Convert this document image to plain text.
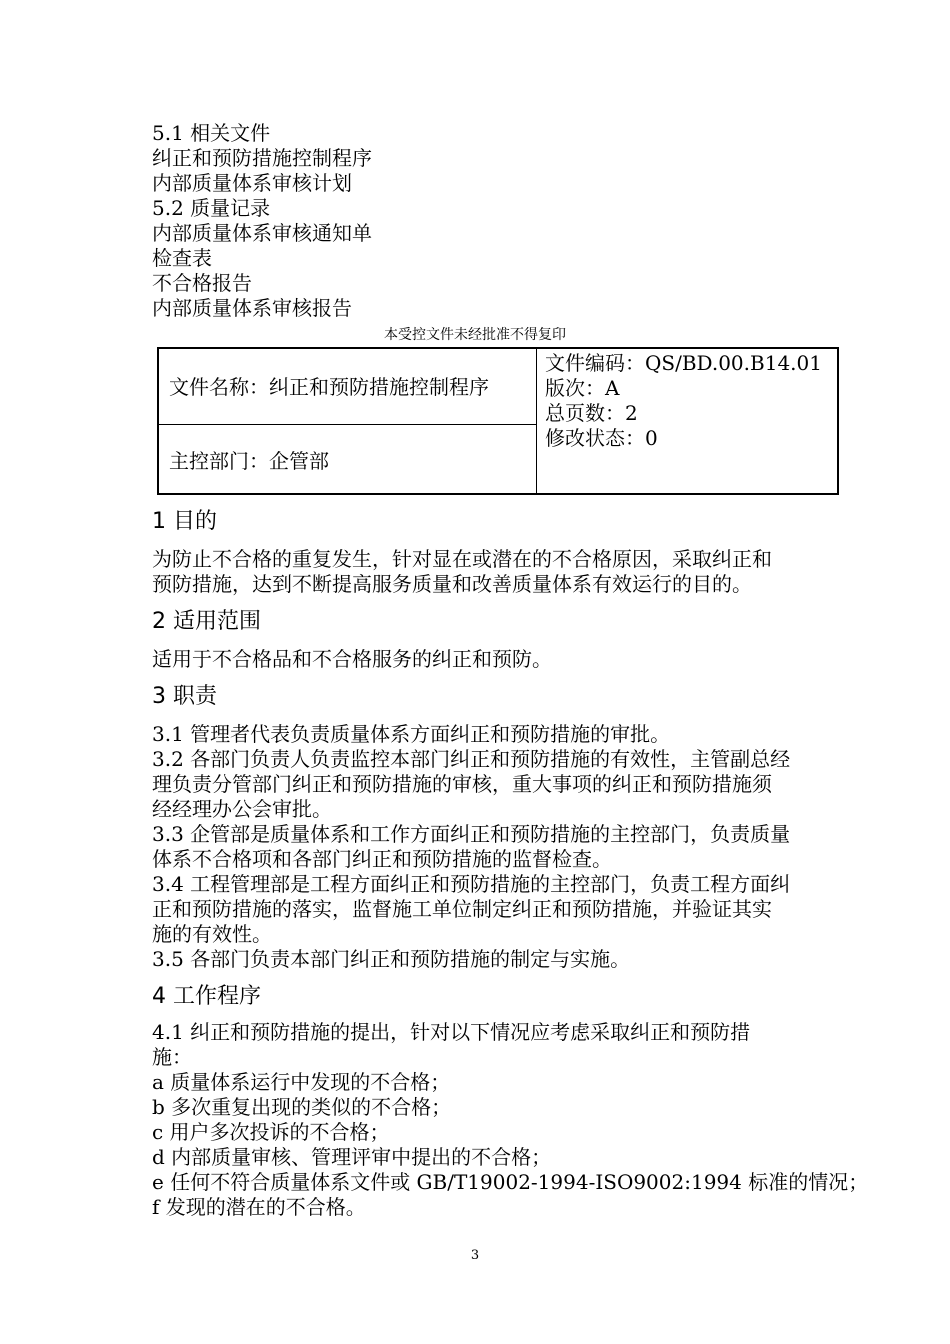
5.1 相关文件
纠正和预防措施控制程序
内部质量体系审核计划
5.2 质量记录
内部质量体系审核通知单
检查表
不合格报告
内部质量体系审核报告
本受控文件未经批准不得复印
文件名称：纠正和预防措施控制程序
主控部门：企管部
文件编码：QS/BD.00.B14.01
版次：A
总页数：2
修改状态：0
1 目的
为防止不合格的重复发生，针对显在或潜在的不合格原因，采取纠正和
预防措施，达到不断提高服务质量和改善质量体系有效运行的目的。
2 适用范围
适用于不合格品和不合格服务的纠正和预防。
3 职责
3.1 管理者代表负责质量体系方面纠正和预防措施的审批。
3.2 各部门负责人负责监控本部门纠正和预防措施的有效性，主管副总经
理负责分管部门纠正和预防措施的审核，重大事项的纠正和预防措施须
经经理办公会审批。
3.3 企管部是质量体系和工作方面纠正和预防措施的主控部门，负责质量
体系不合格项和各部门纠正和预防措施的监督检查。
3.4 工程管理部是工程方面纠正和预防措施的主控部门，负责工程方面纠
正和预防措施的落实，监督施工单位制定纠正和预防措施，并验证其实
施的有效性。
3.5 各部门负责本部门纠正和预防措施的制定与实施。
4 工作程序
4.1 纠正和预防措施的提出，针对以下情况应考虑采取纠正和预防措
施：
a 质量体系运行中发现的不合格；
b 多次重复出现的类似的不合格；
c 用户多次投诉的不合格；
d 内部质量审核、管理评审中提出的不合格；
e 任何不符合质量体系文件或 GB/T19002-1994-ISO9002:1994 标准的情况；
f 发现的潜在的不合格。
3
